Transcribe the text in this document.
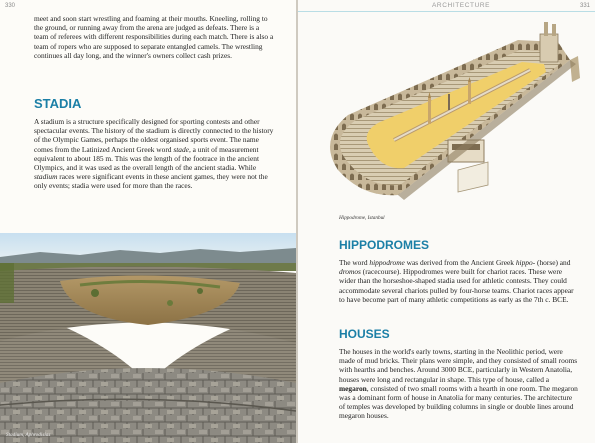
330

meet and soon start wrestling and foaming at their mouths. Kneeling, rolling to the ground, or running away from the arena are judged as defeats. There is a team of referees with different responsibilities during each match. There is also a team of ropers who are supposed to separate entangled camels. The wrestling continues all day long, and the winner's owners collect cash prizes.

STADIA

A stadium is a structure specifically designed for sporting contests and other spectacular events. The history of the stadium is directly connected to the history of the Olympic Games, perhaps the oldest organised sports event. The name comes from the Latinized Ancient Greek word stade, a unit of measurement equivalent to about 185 m. This was the length of the footrace in the ancient Olympics, and it was used as the overall length of the ancient stadia. While stadium races were significant events in these ancient games, they were not the only events; stadia were used for more than the races.

Stadium, Aphrodisias
ARCHITECTURE	331
Hippodrome, Istanbul
HIPPODROMES

The word hippodrome was derived from the Ancient Greek hippo- (horse) and dromos (racecourse). Hippodromes were built for chariot races. These were wider than the horseshoe-shaped stadia used for athletic contests. They could accommodate several chariots pulled by four-horse teams. Chariot races appear to have become part of many athletic competitions as early as the 7th c. BCE.

HOUSES

The houses in the world's early towns, starting in the Neolithic period, were made of mud bricks. Their plans were simple, and they consisted of small rooms with hearths and benches. Around 3000 BCE, particularly in Western Anatolia, houses were long and rectangular in shape. This type of house, called a megaron, consisted of two small rooms with a hearth in one room. The megaron was a dominant form of house in Anatolia for many centuries. The architecture of temples was developed by building columns in single or double lines around megaron houses.
